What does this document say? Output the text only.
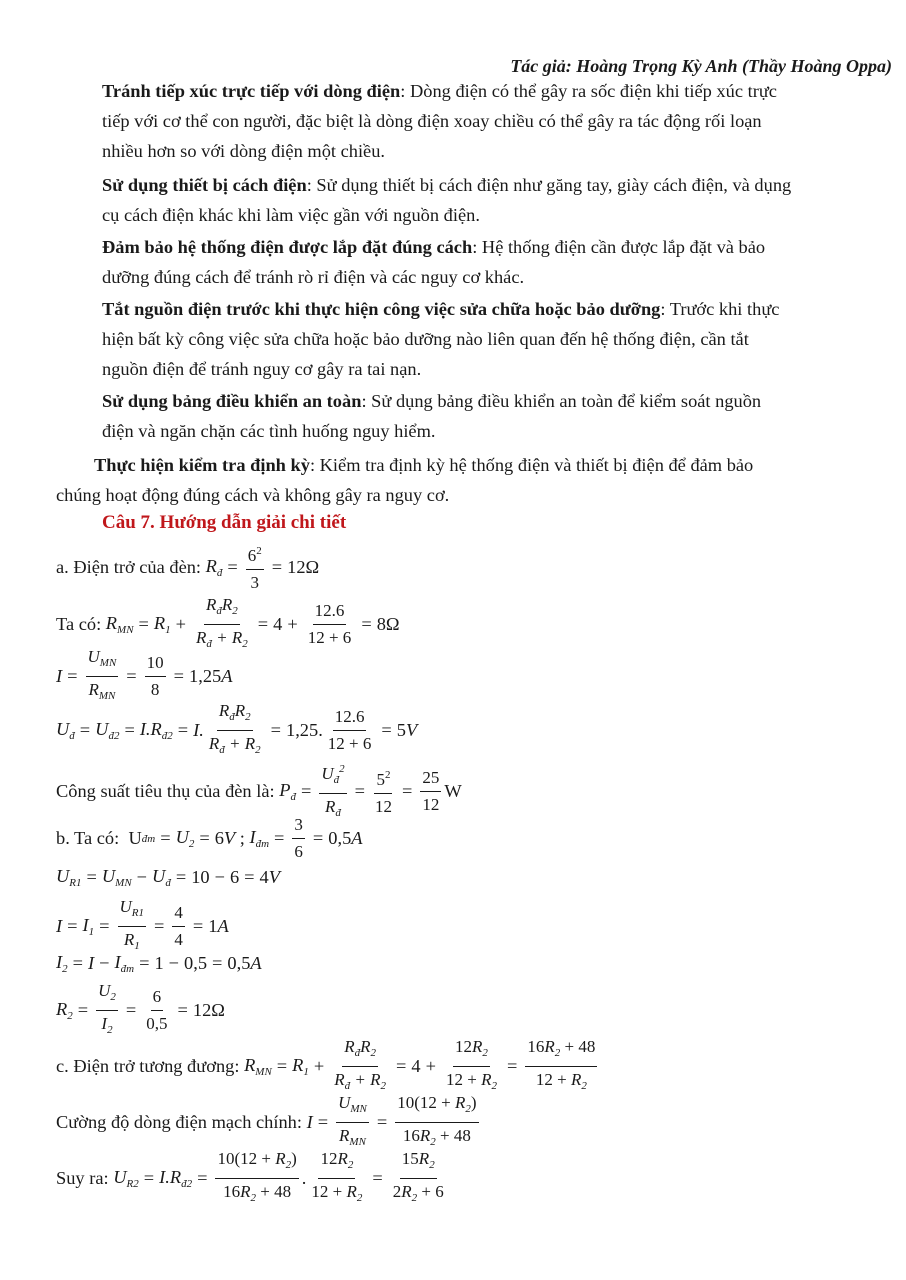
Tác giả: Hoàng Trọng Kỳ Anh (Thầy Hoàng Oppa)
Tránh tiếp xúc trực tiếp với dòng điện: Dòng điện có thể gây ra sốc điện khi tiếp xúc trực tiếp với cơ thể con người, đặc biệt là dòng điện xoay chiều có thể gây ra tác động rối loạn nhiều hơn so với dòng điện một chiều.
Sử dụng thiết bị cách điện: Sử dụng thiết bị cách điện như găng tay, giày cách điện, và dụng cụ cách điện khác khi làm việc gần với nguồn điện.
Đảm bảo hệ thống điện được lắp đặt đúng cách: Hệ thống điện cần được lắp đặt và bảo dưỡng đúng cách để tránh rò rỉ điện và các nguy cơ khác.
Tắt nguồn điện trước khi thực hiện công việc sửa chữa hoặc bảo dưỡng: Trước khi thực hiện bất kỳ công việc sửa chữa hoặc bảo dưỡng nào liên quan đến hệ thống điện, cần tắt nguồn điện để tránh nguy cơ gây ra tai nạn.
Sử dụng bảng điều khiển an toàn: Sử dụng bảng điều khiển an toàn để kiểm soát nguồn điện và ngăn chặn các tình huống nguy hiểm.
Thực hiện kiểm tra định kỳ: Kiểm tra định kỳ hệ thống điện và thiết bị điện để đảm bảo chúng hoạt động đúng cách và không gây ra nguy cơ.
Câu 7. Hướng dẫn giải chi tiết
a. Điện trở của đèn:
$R_đ = \frac{6^2}{3} = 12\Omega$
Ta có:
$R_{MN} = R_1$ +
$R_đR_2$
$R_đ + R_2$
= $4 + \frac{12.6}{12 + 6} = 8\Omega$
I =
$U_{MN}$
$R_{MN}$
= $\frac{10}{8} = 1,25$ A
$U_đ = U_{đ2} = I.R_{đ2} = I$.
$R_đR_2$
$R_đ + R_2$
= 1,25. $\frac{12.6}{12 + 6} = 5$ V
Công suất tiêu thụ của đèn là:
$P_đ = \frac{U_đ^2}{R_đ} = \frac{5^2}{12} = \frac{25}{12}$ W
b. Ta có: U đm = $U_2 = 6$ V ; $I_{đm} = \frac{3}{6} = 0,5$ A
$U_{R1} = U_{MN} - U_đ = 10 - 6 = 4$ V
$I = I_1 = \frac{U_{R1}}{R_1} = \frac{4}{4} = 1$ A
$I_2 = I - I_{đm} = 1 - 0,5 = 0,5$ A
$R_2 = \frac{U_2}{I_2} = \frac{6}{0,5} = 12\Omega$
c. Điện trở tương đương:
$R_{MN} = R_1$ +
$R_đR_2$
$R_đ + R_2$
= $4 + \frac{12R_2}{12 + R_2} = \frac{16R_2 + 48}{12 + R_2}$
Cường độ dòng điện mạch chính:
I =
$U_{MN}$
$R_{MN}$
= $\frac{10(12 + R_2)}{16R_2 + 48}$
Suy ra:
$U_{R2} = I.R_{đ2} = \frac{10(12 + R_2)}{16R_2 + 48}$ . $\frac{12R_2}{12 + R_2} = \frac{15R_2}{2R_2 + 6}$
